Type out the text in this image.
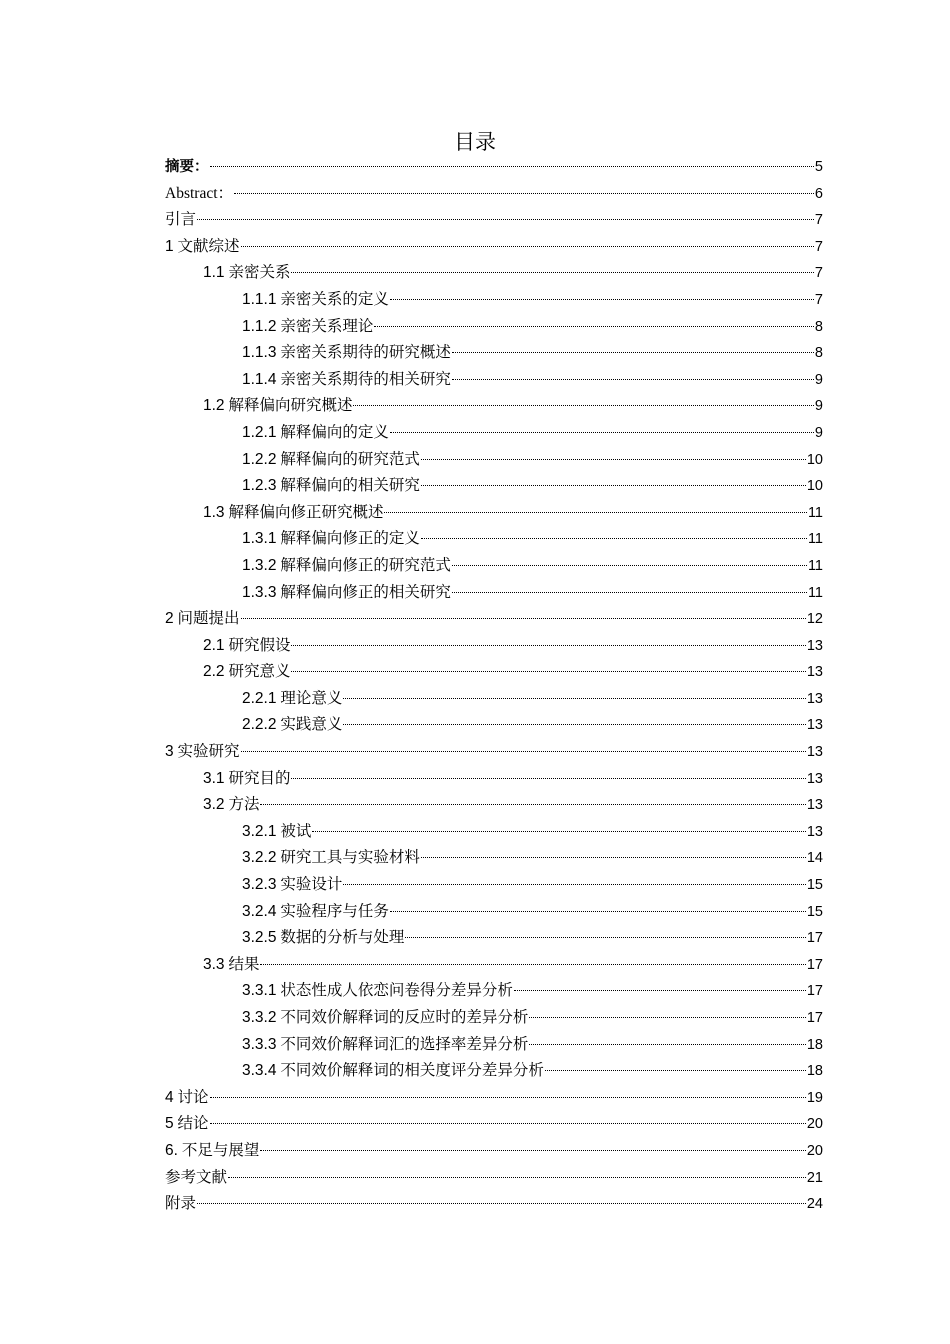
目录
摘要：	5
Abstract：	6
引言	7
1 文献综述	7
1.1 亲密关系	7
1.1.1 亲密关系的定义	7
1.1.2 亲密关系理论	8
1.1.3 亲密关系期待的研究概述	8
1.1.4 亲密关系期待的相关研究	9
1.2 解释偏向研究概述	9
1.2.1 解释偏向的定义	9
1.2.2 解释偏向的研究范式	10
1.2.3 解释偏向的相关研究	10
1.3 解释偏向修正研究概述	11
1.3.1 解释偏向修正的定义	11
1.3.2 解释偏向修正的研究范式	11
1.3.3 解释偏向修正的相关研究	11
2 问题提出	12
2.1 研究假设	13
2.2 研究意义	13
2.2.1 理论意义	13
2.2.2 实践意义	13
3 实验研究	13
3.1 研究目的	13
3.2 方法	13
3.2.1 被试	13
3.2.2 研究工具与实验材料	14
3.2.3 实验设计	15
3.2.4 实验程序与任务	15
3.2.5 数据的分析与处理	17
3.3 结果	17
3.3.1 状态性成人依恋问卷得分差异分析	17
3.3.2 不同效价解释词的反应时的差异分析	17
3.3.3 不同效价解释词汇的选择率差异分析	18
3.3.4 不同效价解释词的相关度评分差异分析	18
4 讨论	19
5 结论	20
6. 不足与展望	20
参考文献	21
附录	24
